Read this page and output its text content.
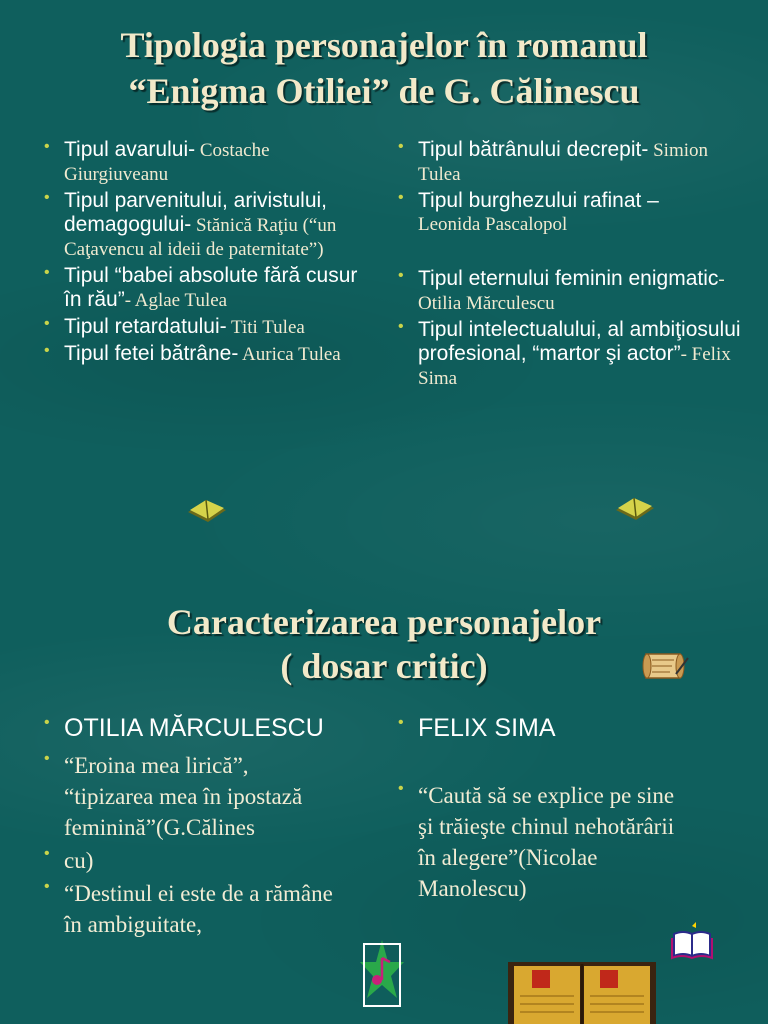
Tipologia personajelor în romanul
“Enigma Otiliei” de G. Călinescu
• Tipul avarului- Costache Giurgiuveanu
• Tipul parvenitului, arivistului, demagogului- Stănică Raţiu (“un Caţavencu al ideii de paternitate”)
• Tipul “babei absolute fără cusur în rău”- Aglae Tulea
• Tipul retardatului- Titi Tulea
• Tipul fetei bătrâne- Aurica Tulea
• Tipul bătrânului decrepit- Simion Tulea
• Tipul burghezului rafinat –
Leonida Pascalopol
• Tipul eternului feminin enigmatic- Otilia Mărculescu
• Tipul intelectualului, al ambiţiosului profesional, “martor şi actor”- Felix Sima
Caracterizarea personajelor
( dosar critic)
• OTILIA MĂRCULESCU
• “Eroina mea lirică”, “tipizarea mea în ipostază feminină”(G.Călines
• cu)
• “Destinul ei este de a rămâne în ambiguitate,
• FELIX SIMA
• “Caută să se explice pe sine şi trăieşte chinul nehotărârii în alegere”(Nicolae Manolescu)
